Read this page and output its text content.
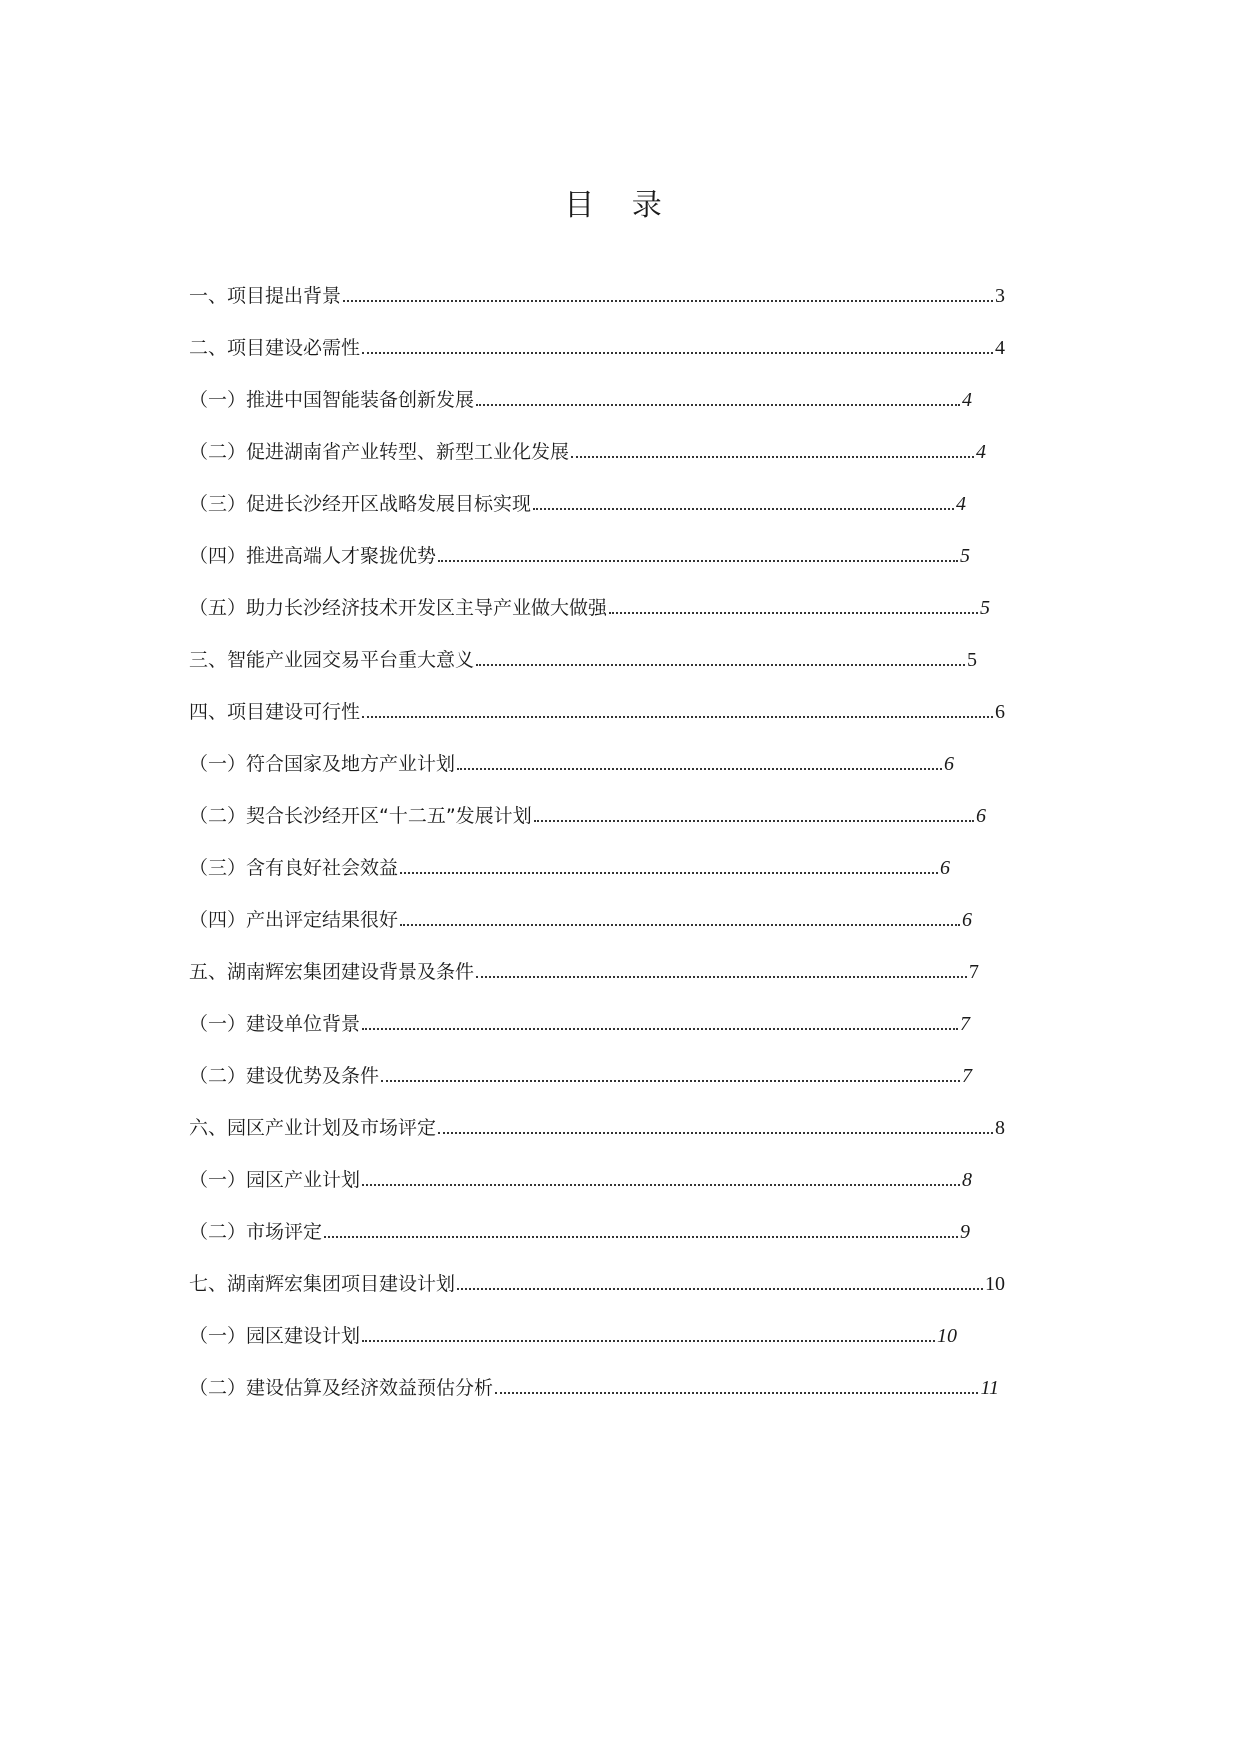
目 录
一、项目提出背景	3
二、项目建设必需性	4
（一）推进中国智能装备创新发展	4
（二）促进湖南省产业转型、新型工业化发展	4
（三）促进长沙经开区战略发展目标实现	4
（四）推进高端人才聚拢优势	5
（五）助力长沙经济技术开发区主导产业做大做强	5
三、智能产业园交易平台重大意义	5
四、项目建设可行性	6
（一）符合国家及地方产业计划	6
（二）契合长沙经开区“十二五”发展计划	6
（三）含有良好社会效益	6
（四）产出评定结果很好	6
五、湖南辉宏集团建设背景及条件	7
（一）建设单位背景	7
（二）建设优势及条件	7
六、园区产业计划及市场评定	8
（一）园区产业计划	8
（二）市场评定	9
七、湖南辉宏集团项目建设计划	10
（一）园区建设计划	10
（二）建设估算及经济效益预估分析	11
